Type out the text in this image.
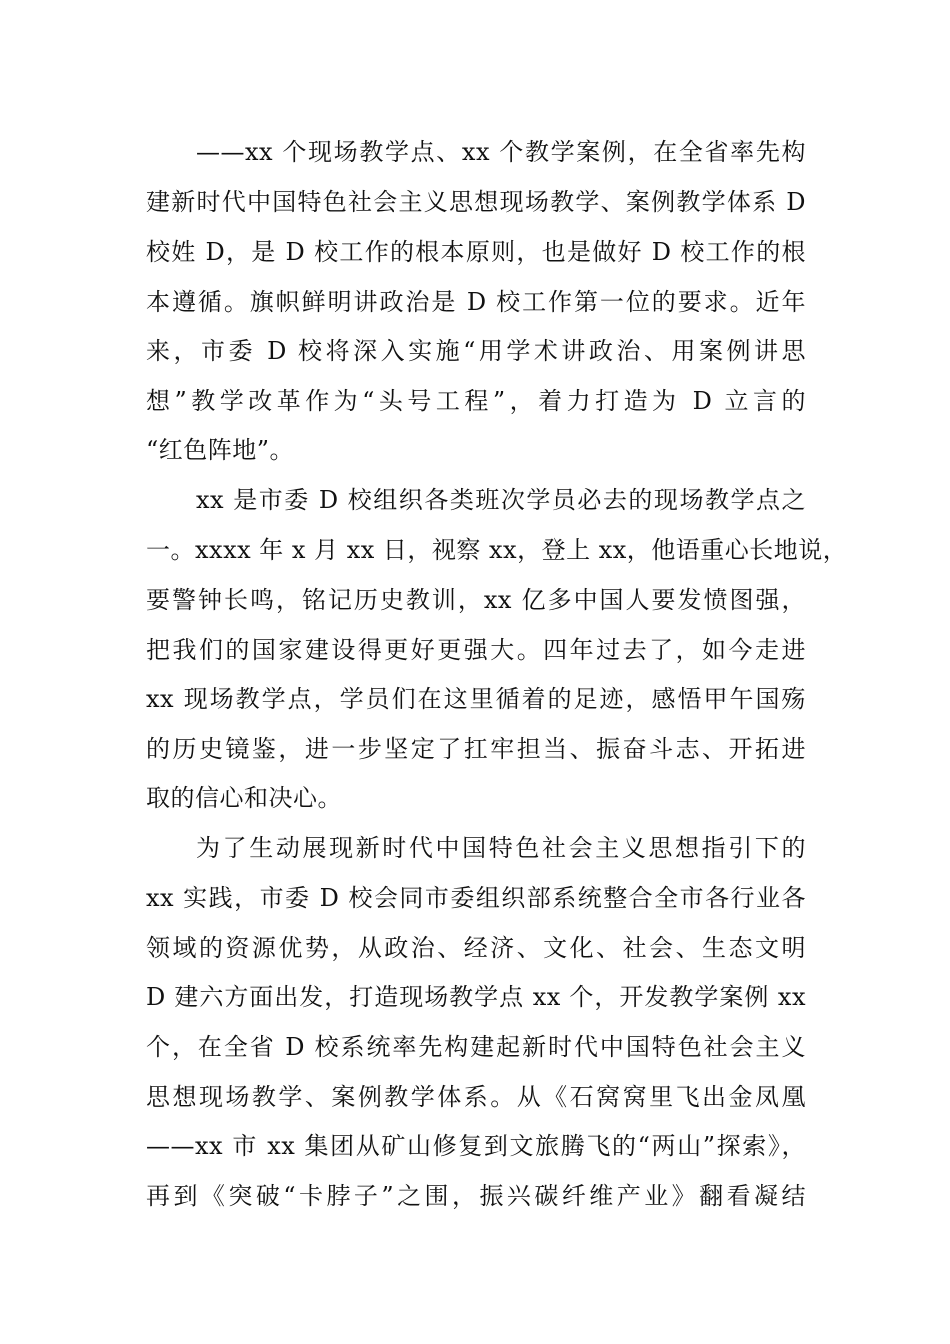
——xx 个现场教学点、xx 个教学案例，在全省率先构
建新时代中国特色社会主义思想现场教学、案例教学体系 D
校姓 D，是 D 校工作的根本原则，也是做好 D 校工作的根
本遵循。旗帜鲜明讲政治是 D 校工作第一位的要求。近年
来，市委 D 校将深入实施“用学术讲政治、用案例讲思
想”教学改革作为“头号工程”，着力打造为 D 立言的
“红色阵地”。
xx 是市委 D 校组织各类班次学员必去的现场教学点之
一。xxxx 年 x 月 xx 日，视察 xx，登上 xx，他语重心长地说，
要警钟长鸣，铭记历史教训，xx 亿多中国人要发愤图强，
把我们的国家建设得更好更强大。四年过去了，如今走进
xx 现场教学点，学员们在这里循着的足迹，感悟甲午国殇
的历史镜鉴，进一步坚定了扛牢担当、振奋斗志、开拓进
取的信心和决心。
为了生动展现新时代中国特色社会主义思想指引下的
xx 实践，市委 D 校会同市委组织部系统整合全市各行业各
领域的资源优势，从政治、经济、文化、社会、生态文明
D 建六方面出发，打造现场教学点 xx 个，开发教学案例 xx
个，在全省 D 校系统率先构建起新时代中国特色社会主义
思想现场教学、案例教学体系。从《石窝窝里飞出金凤凰
——xx 市 xx 集团从矿山修复到文旅腾飞的“两山”探索》，
再到《突破“卡脖子”之围，振兴碳纤维产业》翻看凝结
